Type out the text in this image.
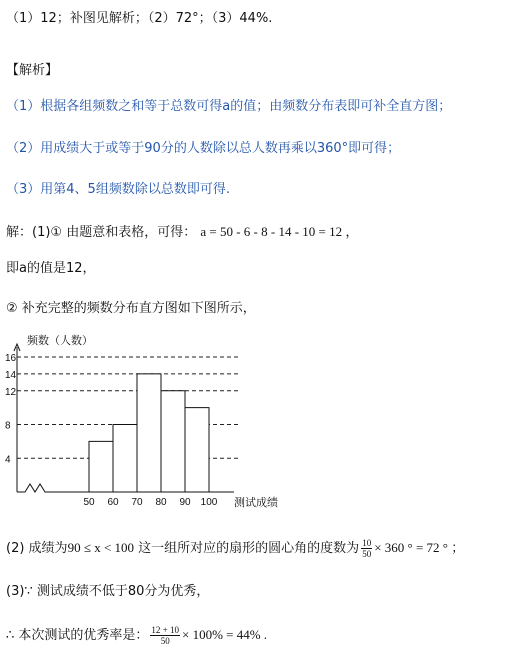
（1）12；补图见解析；（2）72°；（3）44%.
【解析】
（1）根据各组频数之和等于总数可得a的值；由频数分布表即可补全直方图；
（2）用成绩大于或等于90分的人数除以总人数再乘以360°即可得；
（3）用第4、5组频数除以总数即可得.
解：(1)① 由题意和表格，可得： a = 50 - 6 - 8 - 14 - 10 = 12 ，
即a的值是12，
② 补充完整的频数分布直方图如下图所示，
4
8
12
14
16
50 60 70 80 90 100 测试成绩
频数（人数）
(2) 成绩为90 ≤ x < 100 这一组所对应的扇形的圆心角的度数为 $\frac{10}{50} \times 360$ ° = 72 ° ；
(3)∵ 测试成绩不低于80分为优秀，
∴ 本次测试的优秀率是： $\frac{12 + 10}{50} \times 100\% = 44\%$ .
